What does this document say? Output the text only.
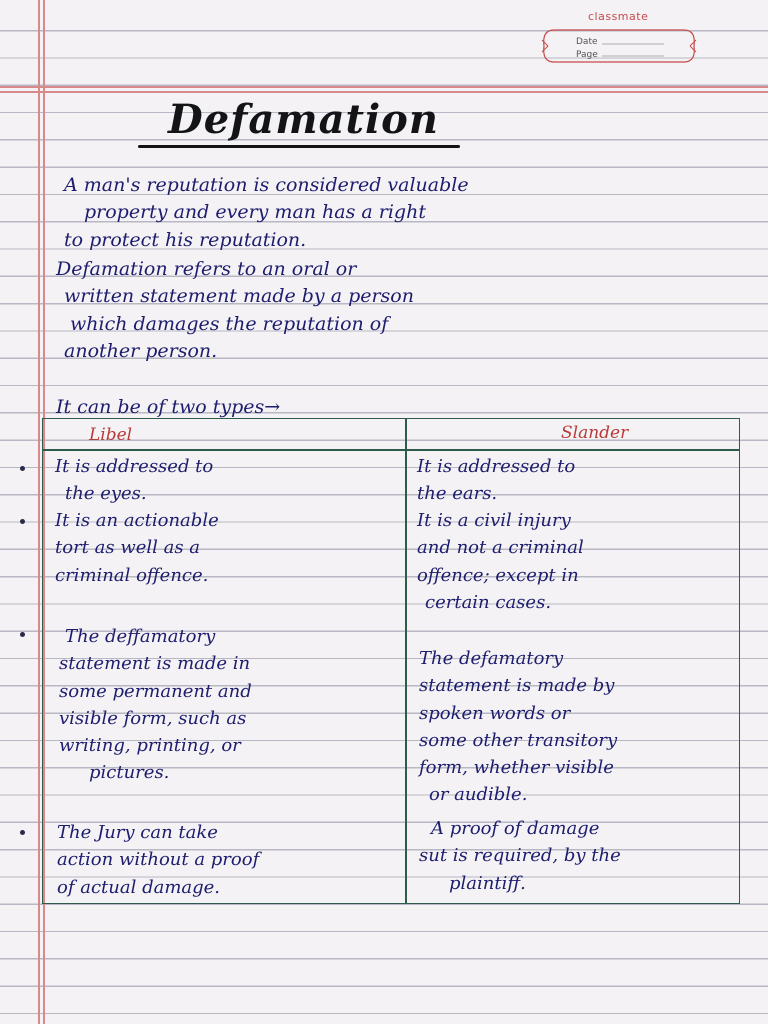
classmate
Date
Page
Defamation
A man's reputation is considered valuable
property and every man has a right
to protect his reputation.
Defamation refers to an oral or
written statement made by a person
which damages the reputation of
another person.
It can be of two types→
Libel	Slander
It is addressed to
the eyes.
It is addressed to
the ears.
It is an actionable
tort as well as a
criminal offence.
It is a civil injury
and not a criminal
offence; except in
certain cases.
The deffamatory
statement is made in
some permanent and
visible form, such as
writing, printing, or
pictures.
The defamatory
statement is made by
spoken words or
some other transitory
form, whether visible
or audible.
The Jury can take
action without a proof
of actual damage.
A proof of damage
sut is required, by the
plaintiff.
